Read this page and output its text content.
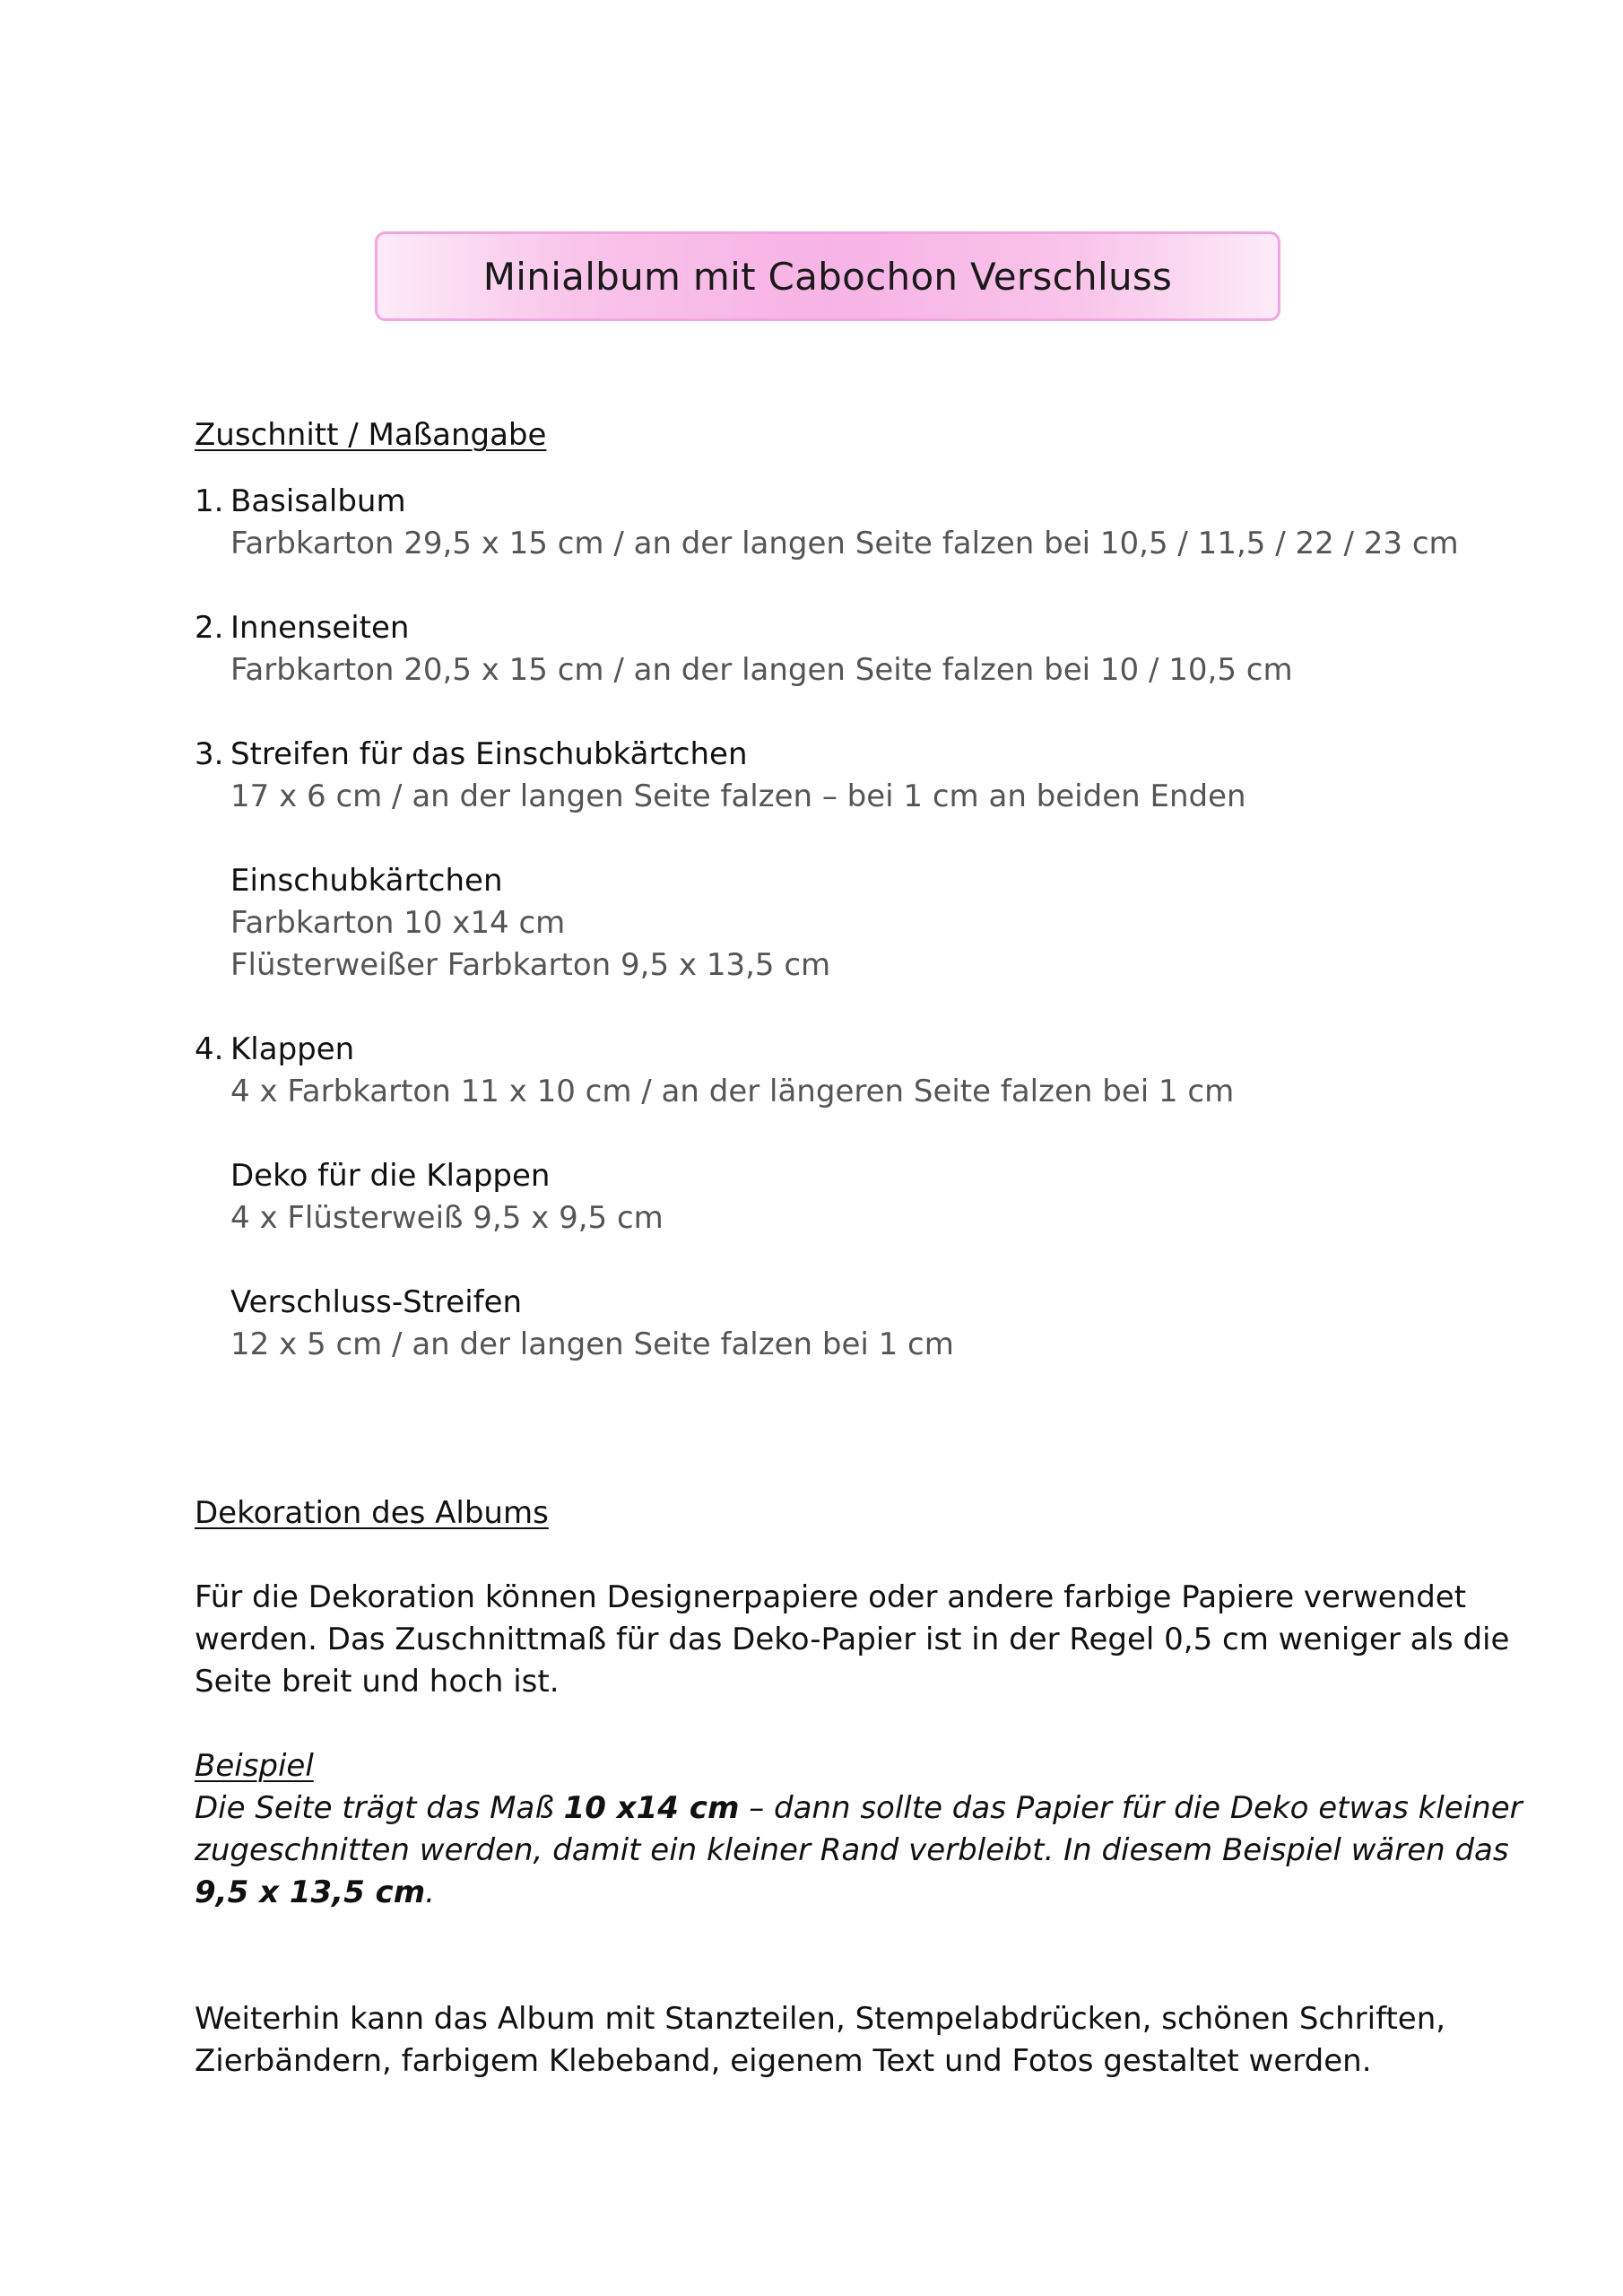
Minialbum mit Cabochon Verschluss
Zuschnitt / Maßangabe
1. Basisalbum
Farbkarton 29,5 x 15 cm / an der langen Seite falzen bei 10,5 / 11,5 / 22 / 23 cm
2. Innenseiten
Farbkarton 20,5 x 15 cm / an der langen Seite falzen bei 10 / 10,5 cm
3. Streifen für das Einschubkärtchen
17 x 6 cm / an der langen Seite falzen – bei 1 cm an beiden Enden
Einschubkärtchen
Farbkarton 10 x14 cm
Flüsterweißer Farbkarton 9,5 x 13,5 cm
4. Klappen
4 x Farbkarton 11 x 10 cm / an der längeren Seite falzen bei 1 cm
Deko für die Klappen
4 x Flüsterweiß 9,5 x 9,5 cm
Verschluss-Streifen
12 x 5 cm / an der langen Seite falzen bei 1 cm
Dekoration des Albums
Für die Dekoration können Designerpapiere oder andere farbige Papiere verwendet
werden. Das Zuschnittmaß für das Deko-Papier ist in der Regel 0,5 cm weniger als die
Seite breit und hoch ist.
Beispiel
Die Seite trägt das Maß 10 x14 cm – dann sollte das Papier für die Deko etwas kleiner
zugeschnitten werden, damit ein kleiner Rand verbleibt. In diesem Beispiel wären das
9,5 x 13,5 cm.
Weiterhin kann das Album mit Stanzteilen, Stempelabdrücken, schönen Schriften,
Zierbändern, farbigem Klebeband, eigenem Text und Fotos gestaltet werden.
